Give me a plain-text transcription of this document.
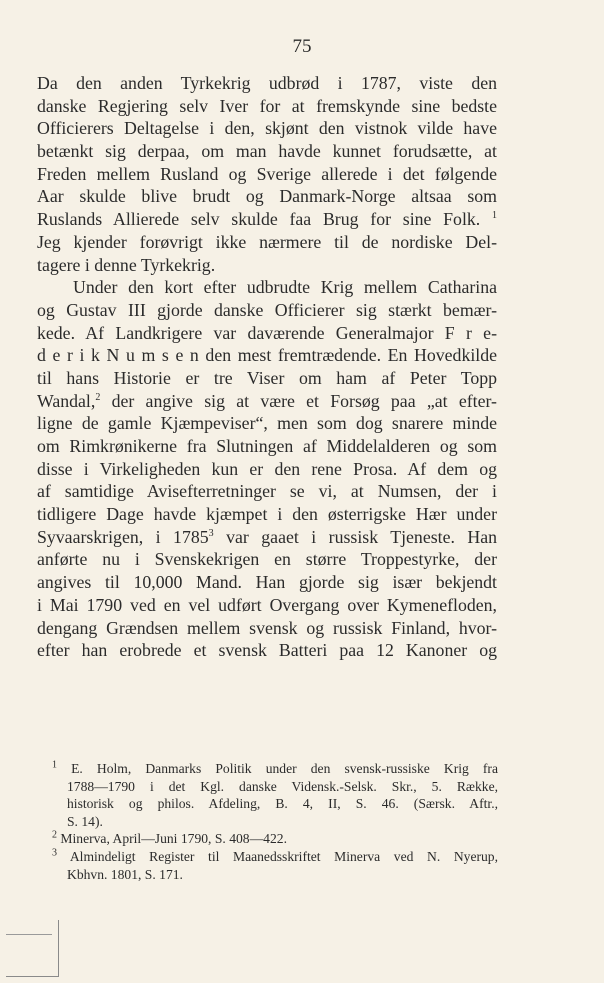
75
Da den anden Tyrkekrig udbrød i 1787, viste den
danske Regjering selv Iver for at fremskynde sine bedste
Officierers Deltagelse i den, skjønt den vistnok vilde have
betænkt sig derpaa, om man havde kunnet forudsætte, at
Freden mellem Rusland og Sverige allerede i det følgende
Aar skulde blive brudt og Danmark-Norge altsaa som
Ruslands Allierede selv skulde faa Brug for sine Folk. $^1$
Jeg kjender forøvrigt ikke nærmere til de nordiske Del-
tagere i denne Tyrkekrig.
Under den kort efter udbrudte Krig mellem Catharina
og Gustav III gjorde danske Officierer sig stærkt bemær-
kede. Af Landkrigere var daværende Generalmajor F r e-
d e r i k N u m s e n den mest fremtrædende. En Hovedkilde
til hans Historie er tre Viser om ham af Peter Topp
Wandal,$^2$ der angive sig at være et Forsøg paa „at efter-
ligne de gamle Kjæmpeviser“, men som dog snarere minde
om Rimkrønikerne fra Slutningen af Middelalderen og som
disse i Virkeligheden kun er den rene Prosa. Af dem og
af samtidige Avisefterretninger se vi, at Numsen, der i
tidligere Dage havde kjæmpet i den østerrigske Hær under
Syvaarskrigen, i 1785$^3$ var gaaet i russisk Tjeneste. Han
anførte nu i Svenskekrigen en større Troppestyrke, der
angives til 10,000 Mand. Han gjorde sig især bekjendt
i Mai 1790 ved en vel udført Overgang over Kymenefloden,
dengang Grændsen mellem svensk og russisk Finland, hvor-
efter han erobrede et svensk Batteri paa 12 Kanoner og
$^1$ E. Holm, Danmarks Politik under den svensk-russiske Krig fra
1788—1790 i det Kgl. danske Vidensk.-Selsk. Skr., 5. Række,
historisk og philos. Afdeling, B. 4, II, S. 46. (Særsk. Aftr.,
S. 14).
$^2$ Minerva, April—Juni 1790, S. 408—422.
$^3$ Almindeligt Register til Maanedsskriftet Minerva ved N. Nyerup,
Kbhvn. 1801, S. 171.
